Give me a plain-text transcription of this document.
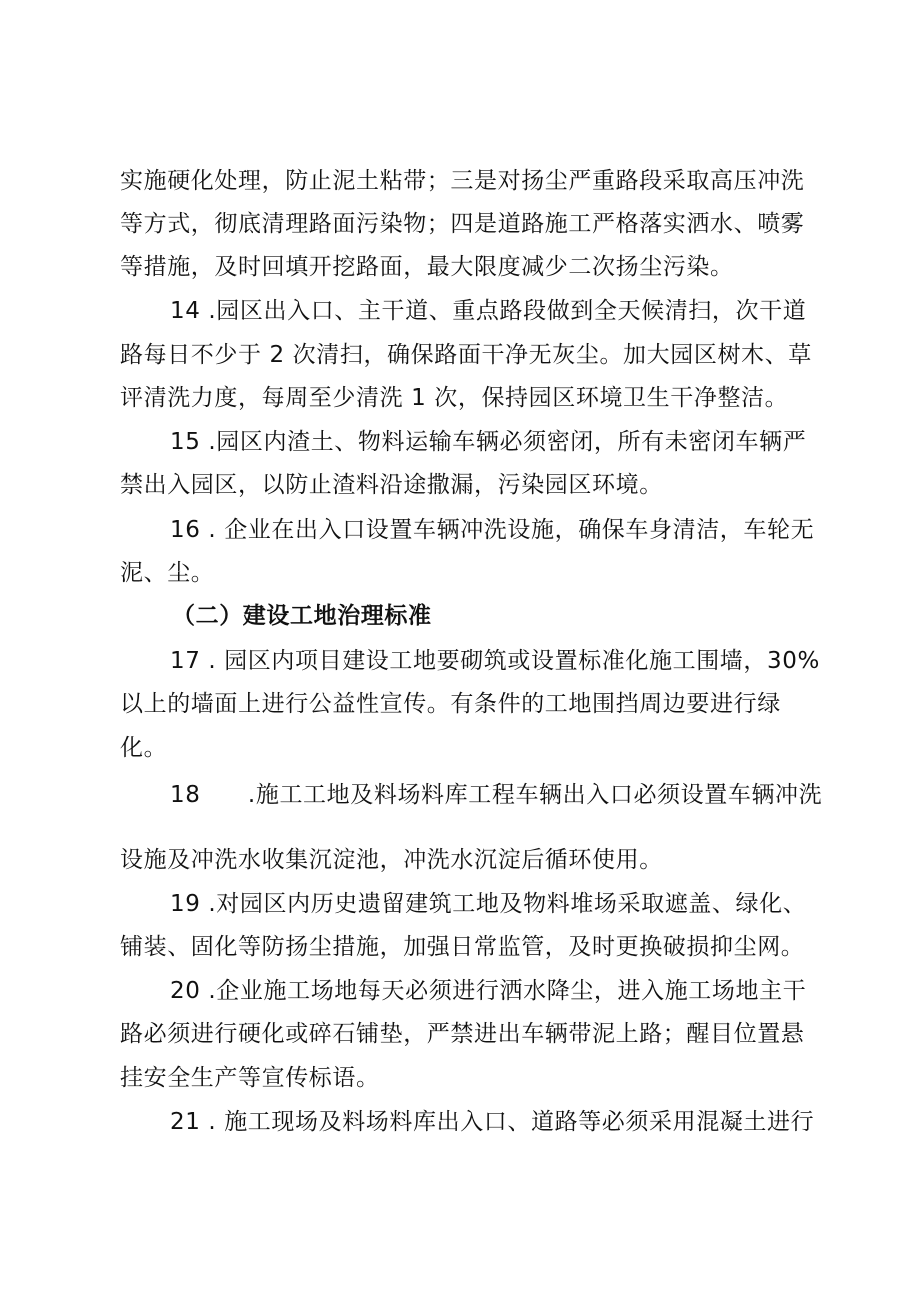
实施硬化处理，防止泥土粘带；三是对扬尘严重路段采取高压冲洗
等方式，彻底清理路面污染物；四是道路施工严格落实洒水、喷雾
等措施，及时回填开挖路面，最大限度减少二次扬尘污染。
14 .园区出入口、主干道、重点路段做到全天候清扫，次干道
路每日不少于 2 次清扫，确保路面干净无灰尘。加大园区树木、草
评清洗力度，每周至少清洗 1 次，保持园区环境卫生干净整洁。
15 .园区内渣土、物料运输车辆必须密闭，所有未密闭车辆严
禁出入园区，以防止渣料沿途撒漏，污染园区环境。
16 . 企业在出入口设置车辆冲洗设施，确保车身清洁，车轮无
泥、尘。
（二）建设工地治理标准
17 . 园区内项目建设工地要砌筑或设置标准化施工围墙，30%
以上的墙面上进行公益性宣传。有条件的工地围挡周边要进行绿
化。
18      .施工工地及料场料库工程车辆出入口必须设置车辆冲洗
设施及冲洗水收集沉淀池，冲洗水沉淀后循环使用。
19 .对园区内历史遗留建筑工地及物料堆场采取遮盖、绿化、
铺装、固化等防扬尘措施，加强日常监管，及时更换破损抑尘网。
20 .企业施工场地每天必须进行洒水降尘，进入施工场地主干
路必须进行硬化或碎石铺垫，严禁进出车辆带泥上路；醒目位置悬
挂安全生产等宣传标语。
21 . 施工现场及料场料库出入口、道路等必须采用混凝土进行
